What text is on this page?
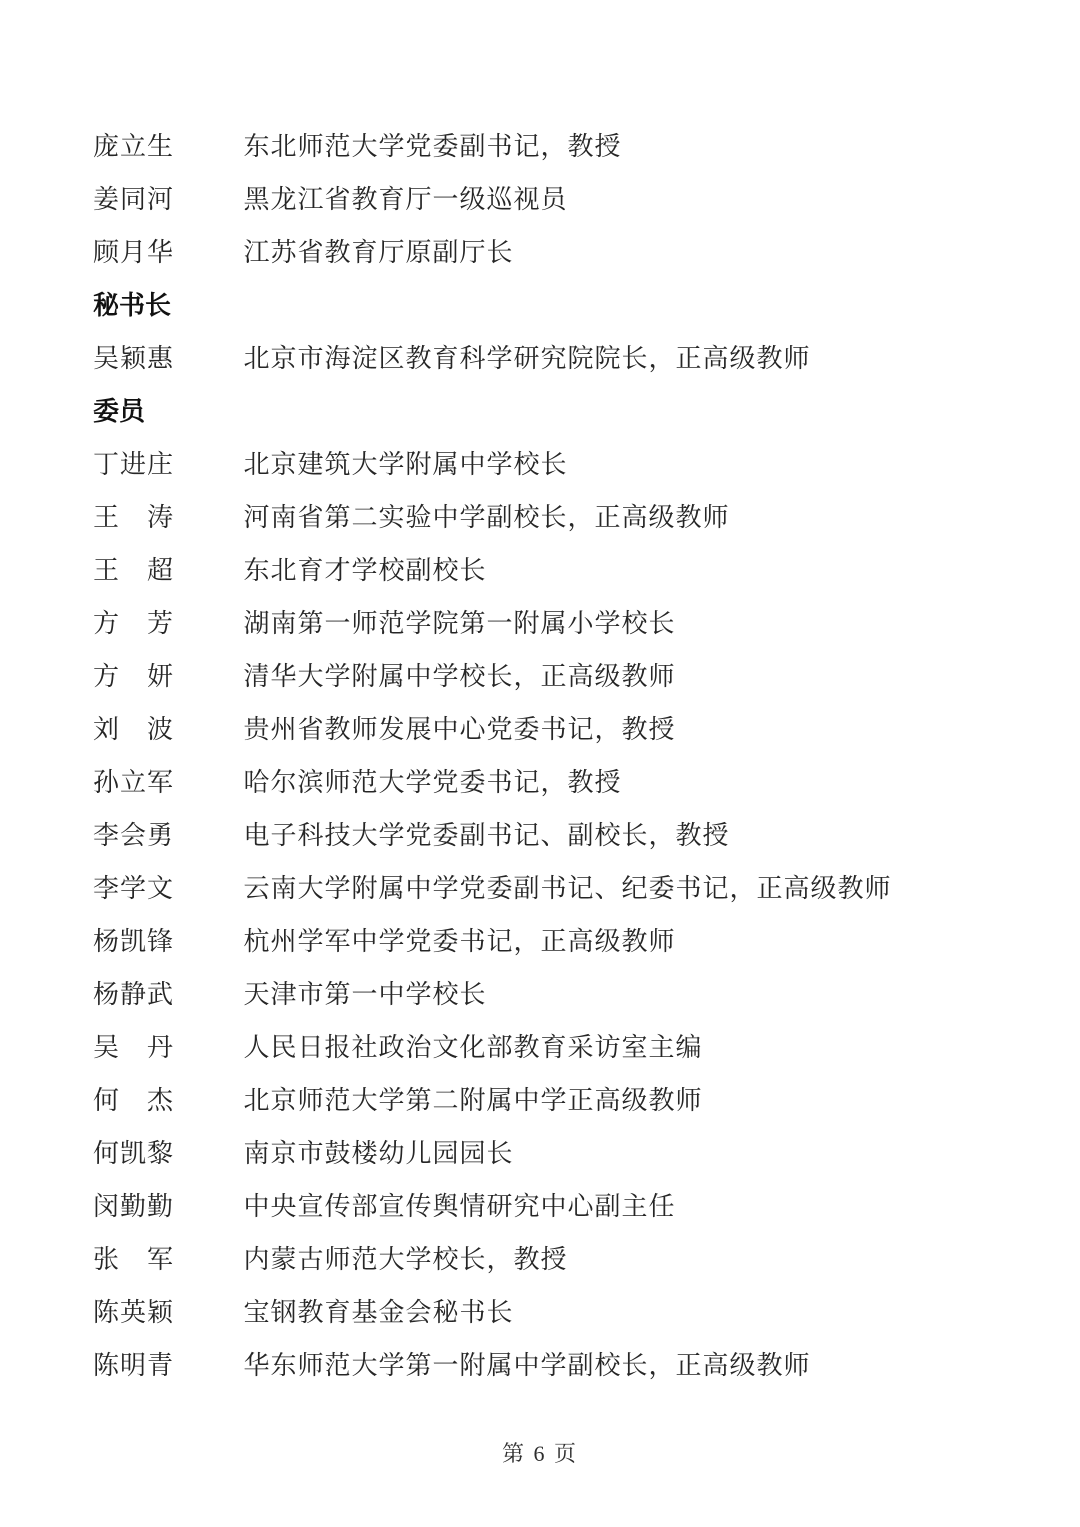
庞立生	东北师范大学党委副书记，教授
姜同河	黑龙江省教育厅一级巡视员
顾月华	江苏省教育厅原副厅长
秘书长
吴颖惠	北京市海淀区教育科学研究院院长，正高级教师
委员
丁进庄	北京建筑大学附属中学校长
王　涛	河南省第二实验中学副校长，正高级教师
王　超	东北育才学校副校长
方　芳	湖南第一师范学院第一附属小学校长
方　妍	清华大学附属中学校长，正高级教师
刘　波	贵州省教师发展中心党委书记，教授
孙立军	哈尔滨师范大学党委书记，教授
李会勇	电子科技大学党委副书记、副校长，教授
李学文	云南大学附属中学党委副书记、纪委书记，正高级教师
杨凯锋	杭州学军中学党委书记，正高级教师
杨静武	天津市第一中学校长
吴　丹	人民日报社政治文化部教育采访室主编
何　杰	北京师范大学第二附属中学正高级教师
何凯黎	南京市鼓楼幼儿园园长
闵勤勤	中央宣传部宣传舆情研究中心副主任
张　军	内蒙古师范大学校长，教授
陈英颖	宝钢教育基金会秘书长
陈明青	华东师范大学第一附属中学副校长，正高级教师
第 6 页
